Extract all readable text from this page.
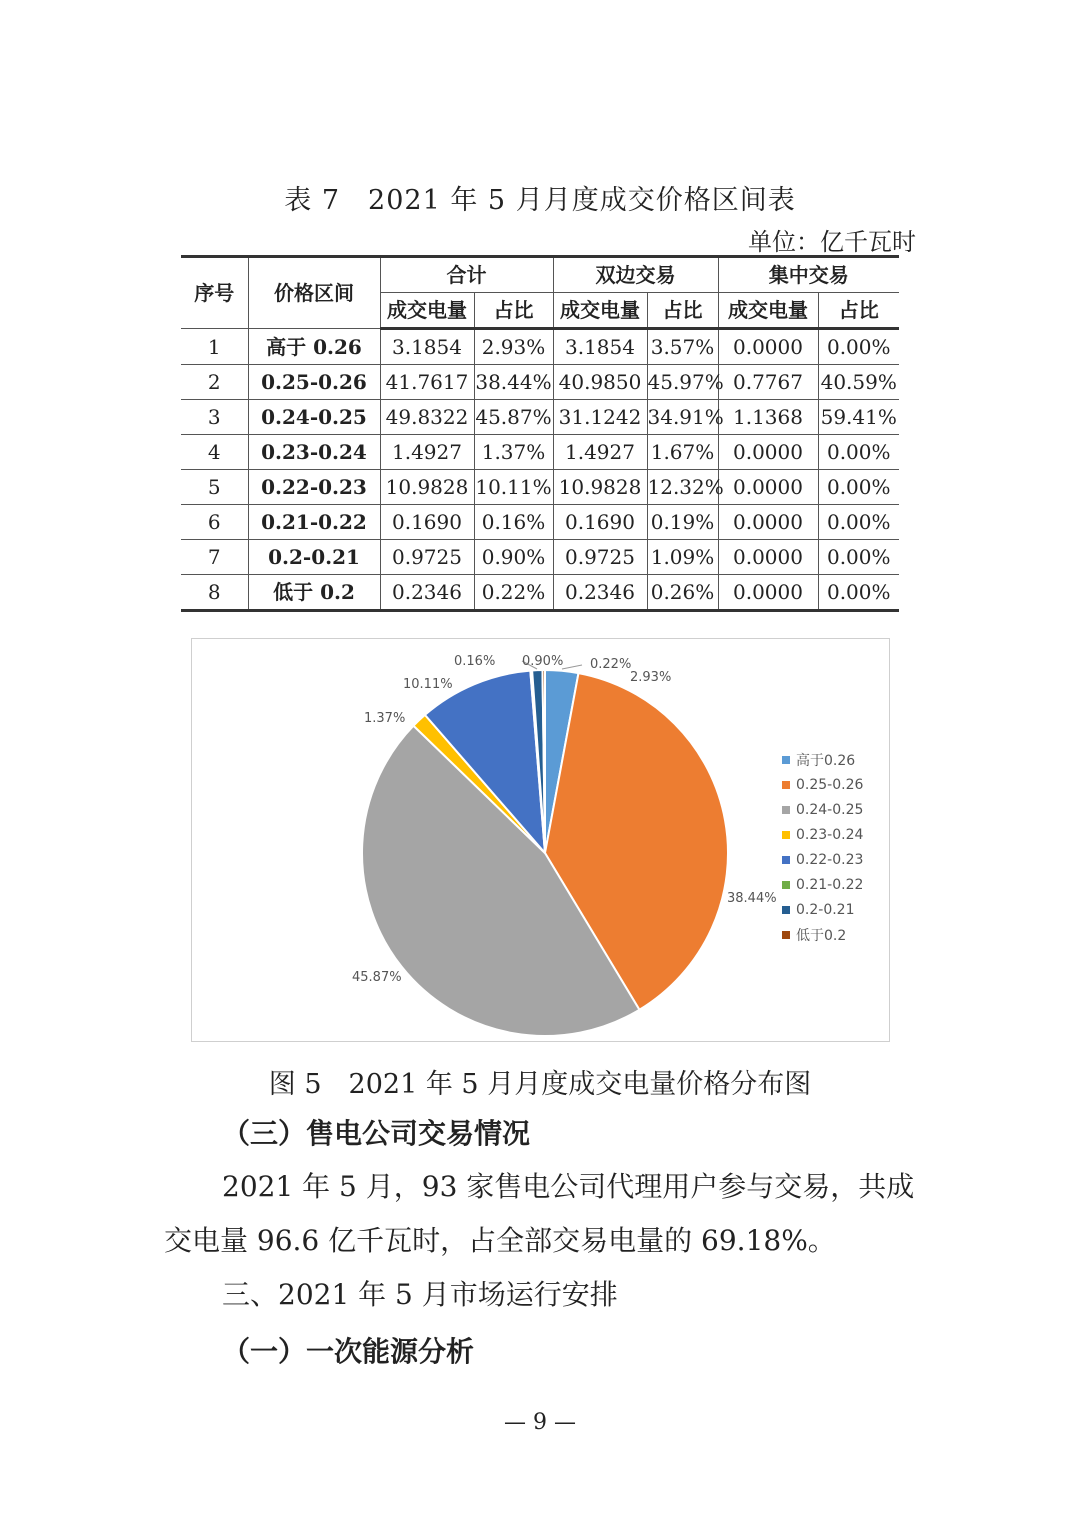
表 7　2021 年 5 月月度成交价格区间表
单位：亿千瓦时
序号	价格区间	合计		双边交易		集中交易	
		成交电量	占比	成交电量	占比	成交电量	占比
1	高于 0.26	3.1854	2.93%	3.1854	3.57%	0.0000	0.00%
2	0.25-0.26	41.7617	38.44%	40.9850	45.97%	0.7767	40.59%
3	0.24-0.25	49.8322	45.87%	31.1242	34.91%	1.1368	59.41%
4	0.23-0.24	1.4927	1.37%	1.4927	1.67%	0.0000	0.00%
5	0.22-0.23	10.9828	10.11%	10.9828	12.32%	0.0000	0.00%
6	0.21-0.22	0.1690	0.16%	0.1690	0.19%	0.0000	0.00%
7	0.2-0.21	0.9725	0.90%	0.9725	1.09%	0.0000	0.00%
8	低于 0.2	0.2346	0.22%	0.2346	0.26%	0.0000	0.00%
2.93%
38.44%
45.87%
1.37%
10.11%
0.16% 0.90% 0.22%
高于0.26
0.25-0.26
0.24-0.25
0.23-0.24
0.22-0.23
0.21-0.22
0.2-0.21
低于0.2
图 5　2021 年 5 月月度成交电量价格分布图
（三）售电公司交易情况
2021 年 5 月，93 家售电公司代理用户参与交易，共成
交电量 96.6 亿千瓦时，占全部交易电量的 69.18%。
三、2021 年 5 月市场运行安排
（一）一次能源分析
— 9 —
